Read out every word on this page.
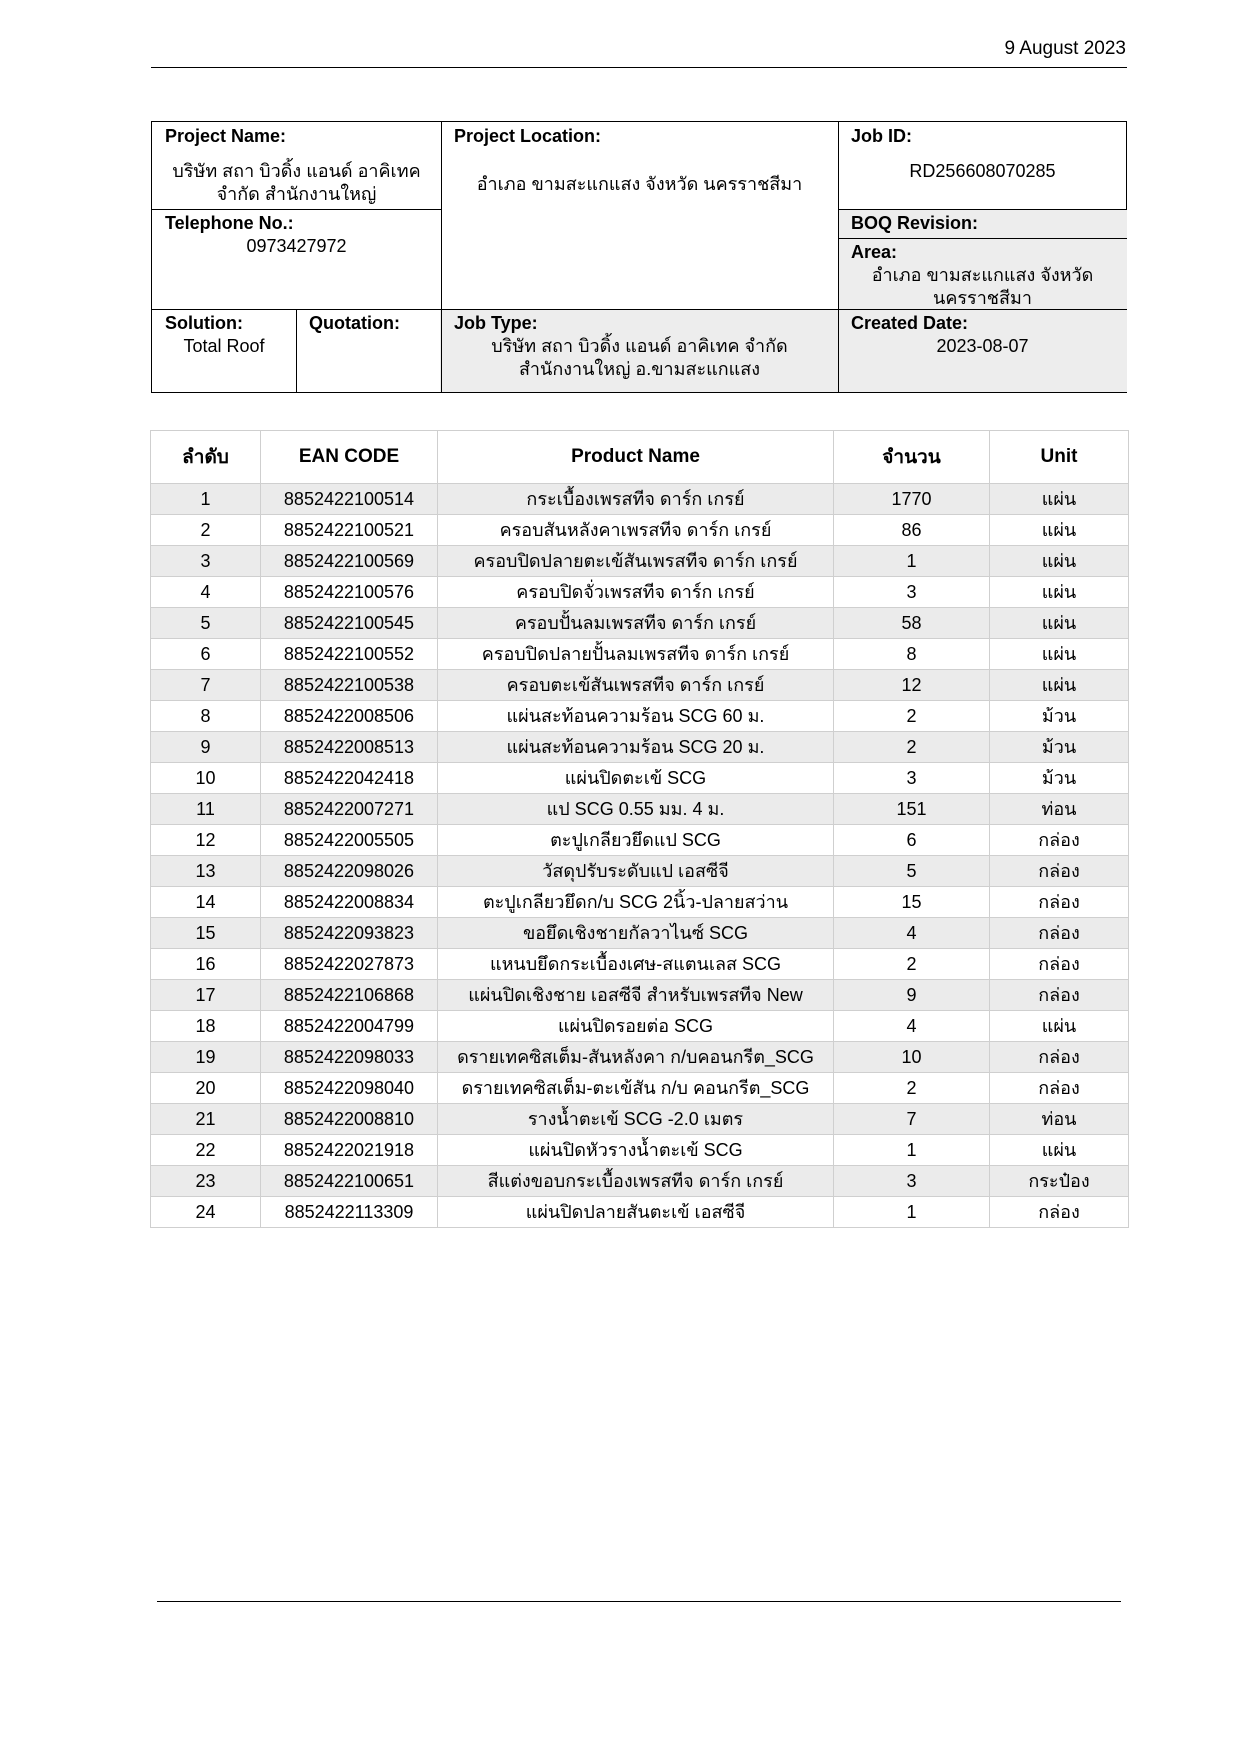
9 August 2023
Project Name:
บริษัท สถา บิวดิ้ง แอนด์ อาคิเทค
จำกัด สำนักงานใหญ่
Project Location:
อำเภอ ขามสะแกแสง จังหวัด นครราชสีมา
Job ID:
RD256608070285
Telephone No.:
0973427972
BOQ Revision:
Area:
อำเภอ ขามสะแกแสง จังหวัด
นครราชสีมา
Solution:
Total Roof
Quotation:	Job Type:
บริษัท สถา บิวดิ้ง แอนด์ อาคิเทค จำกัด
สำนักงานใหญ่ อ.ขามสะแกแสง
Created Date:
2023-08-07
ลำดับ	EAN CODE	Product Name	จำนวน	Unit
1	8852422100514	กระเบื้องเพรสทีจ ดาร์ก เกรย์	1770	แผ่น
2	8852422100521	ครอบสันหลังคาเพรสทีจ ดาร์ก เกรย์	86	แผ่น
3	8852422100569	ครอบปิดปลายตะเข้สันเพรสทีจ ดาร์ก เกรย์	1	แผ่น
4	8852422100576	ครอบปิดจั่วเพรสทีจ ดาร์ก เกรย์	3	แผ่น
5	8852422100545	ครอบปั้นลมเพรสทีจ ดาร์ก เกรย์	58	แผ่น
6	8852422100552	ครอบปิดปลายปั้นลมเพรสทีจ ดาร์ก เกรย์	8	แผ่น
7	8852422100538	ครอบตะเข้สันเพรสทีจ ดาร์ก เกรย์	12	แผ่น
8	8852422008506	แผ่นสะท้อนความร้อน SCG 60 ม.	2	ม้วน
9	8852422008513	แผ่นสะท้อนความร้อน SCG 20 ม.	2	ม้วน
10	8852422042418	แผ่นปิดตะเข้ SCG	3	ม้วน
11	8852422007271	แป SCG 0.55 มม. 4 ม.	151	ท่อน
12	8852422005505	ตะปูเกลียวยึดแป SCG	6	กล่อง
13	8852422098026	วัสดุปรับระดับแป เอสซีจี	5	กล่อง
14	8852422008834	ตะปูเกลียวยึดก/บ SCG 2นิ้ว-ปลายสว่าน	15	กล่อง
15	8852422093823	ขอยึดเชิงชายกัลวาไนซ์ SCG	4	กล่อง
16	8852422027873	แหนบยึดกระเบื้องเศษ-สแตนเลส SCG	2	กล่อง
17	8852422106868	แผ่นปิดเชิงชาย เอสซีจี สำหรับเพรสทีจ New	9	กล่อง
18	8852422004799	แผ่นปิดรอยต่อ SCG	4	แผ่น
19	8852422098033	ดรายเทคซิสเต็ม-สันหลังคา ก/บคอนกรีต_SCG	10	กล่อง
20	8852422098040	ดรายเทคซิสเต็ม-ตะเข้สัน ก/บ คอนกรีต_SCG	2	กล่อง
21	8852422008810	รางน้ำตะเข้ SCG -2.0 เมตร	7	ท่อน
22	8852422021918	แผ่นปิดหัวรางน้ำตะเข้ SCG	1	แผ่น
23	8852422100651	สีแต่งขอบกระเบื้องเพรสทีจ ดาร์ก เกรย์	3	กระป๋อง
24	8852422113309	แผ่นปิดปลายสันตะเข้ เอสซีจี	1	กล่อง
